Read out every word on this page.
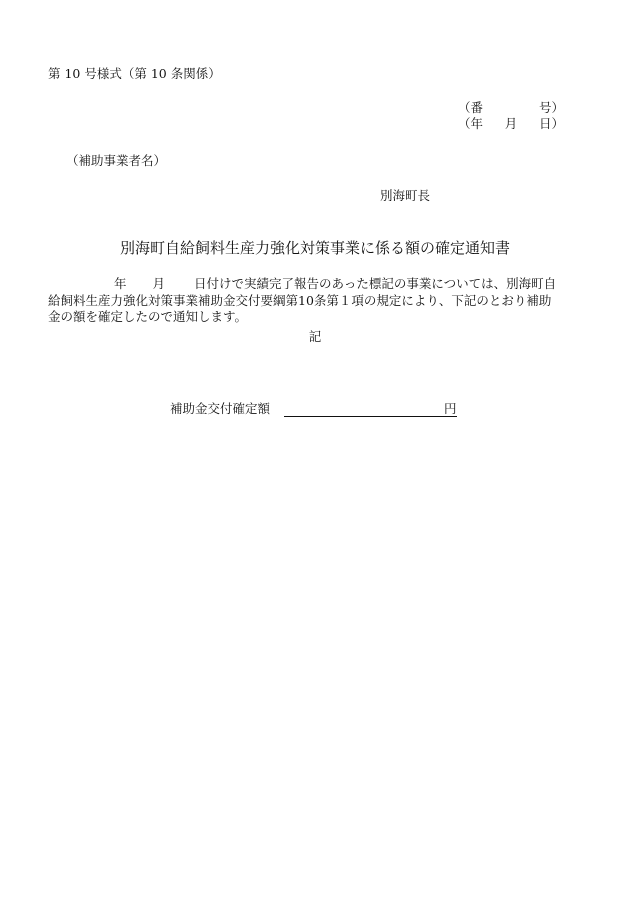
第 10 号様式（第 10 条関係）
（番	号）
（年 月 日）
（補助事業者名）
別海町長
別海町自給飼料生産力強化対策事業に係る額の確定通知書
年 月 日付けで実績完了報告のあった標記の事業については、別海町自
給飼料生産力強化対策事業補助金交付要綱第10条第１項の規定により、下記のとおり補助
金の額を確定したので通知します。
記
補助金交付確定額	円
